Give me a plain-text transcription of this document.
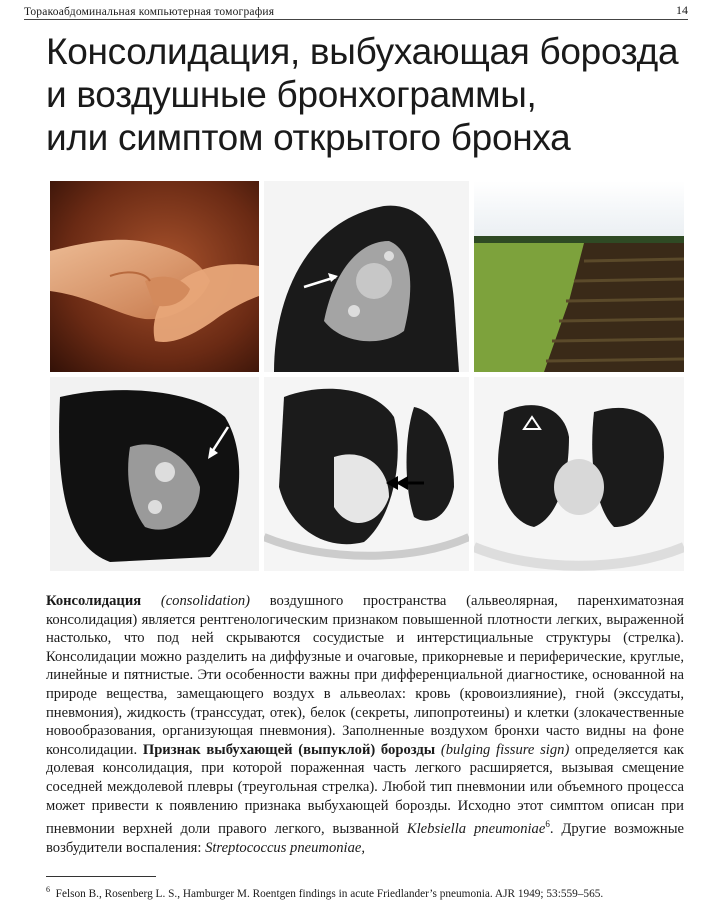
Торакоабдоминальная компьютерная томография	14
Консолидация, выбухающая борозда
и воздушные бронхограммы,
или симптом открытого бронха
Консолидация (consolidation) воздушного пространства (альвеолярная, паренхиматозная консолидация) является рентгенологическим признаком повышенной плотности легких, выраженной настолько, что под ней скрываются сосудистые и интерстициальные структуры (стрелка). Консолидации можно разделить на диффузные и очаговые, прикорневые и периферические, круглые, линейные и пятнистые. Эти особенности важны при дифференциальной диагностике, основанной на природе вещества, замещающего воздух в альвеолах: кровь (кровоизлияние), гной (экссудаты, пневмония), жидкость (транссудат, отек), белок (секреты, липопротеины) и клетки (злокачественные новообразования, организующая пневмония). Заполненные воздухом бронхи часто видны на фоне консолидации. Признак выбухающей (выпуклой) борозды (bulging fissure sign) определяется как долевая консолидация, при которой пораженная часть легкого расширяется, вызывая смещение соседней междолевой плевры (треугольная стрелка). Любой тип пневмонии или объемного процесса может привести к появлению признака выбухающей борозды. Исходно этот симптом описан при пневмонии верхней доли правого легкого, вызванной Klebsiella pneumoniae$^6$. Другие возможные возбудители воспаления: Streptococcus pneumoniae,
$^6$ Felson B., Rosenberg L. S., Hamburger M. Roentgen findings in acute Friedlander’s pneumonia. AJR 1949; 53:559–565.
